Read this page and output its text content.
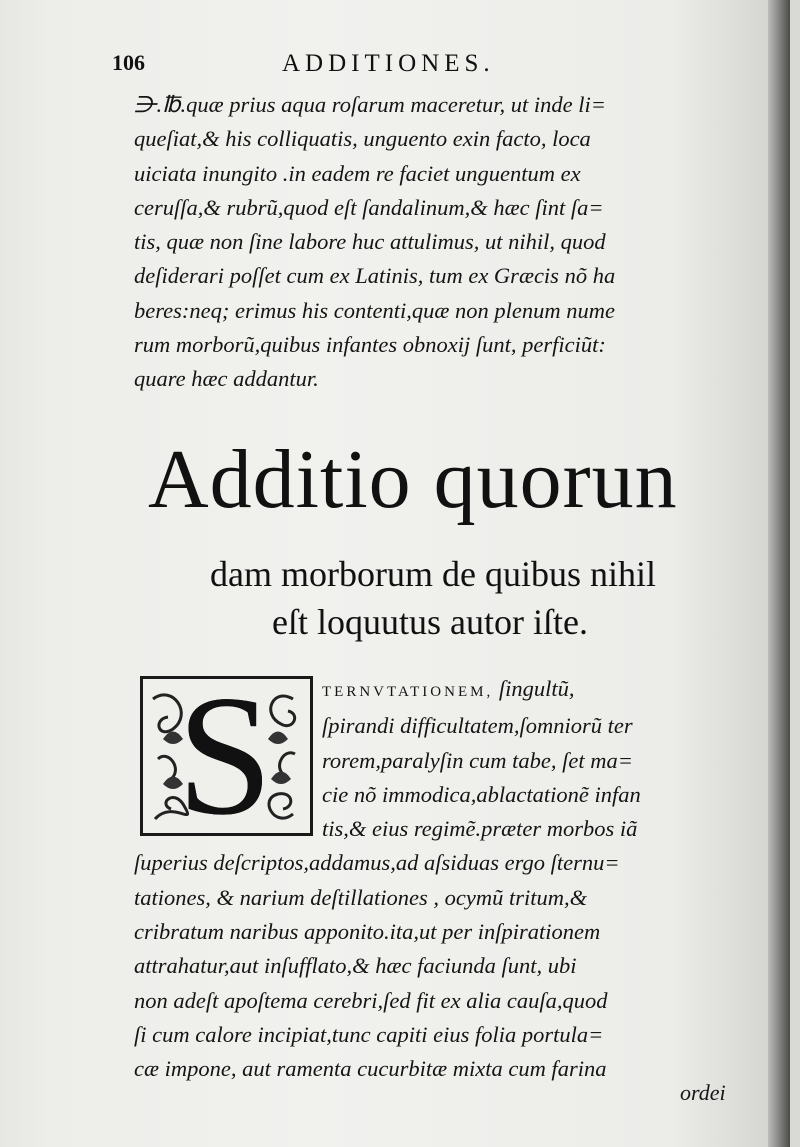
106	ADDITIONES.
⋺.℔.quæ prius aqua roſarum maceretur, ut inde li=
queſiat,& his colliquatis, unguento exin facto, loca
uiciata inungito .in eadem re faciet unguentum ex
ceruſſa,& rubrũ,quod eſt ſandalinum,& hæc ſint ſa=
tis, quæ non ſine labore huc attulimus, ut nihil, quod
deſiderari poſſet cum ex Latinis, tum ex Græcis nõ ha
beres:neq; erimus his contenti,quæ non plenum nume
rum morborũ,quibus infantes obnoxij ſunt, perficiũt:
quare hæc addantur.
Additio quorun
dam morborum de quibus nihil
eſt loquutus autor iſte.
S	TERNVTATIONEM, ſingultũ,
ſpirandi difficultatem,ſomniorũ ter
rorem,paralyſin cum tabe, ſet ma=
cie nõ immodica,ablactationẽ infan
tis,& eius regimẽ.præter morbos iã
ſuperius deſcriptos,addamus,ad aſsiduas ergo ſternu=
tationes, & narium deſtillationes , ocymũ tritum,&
cribratum naribus apponito.ita,ut per inſpirationem
attrahatur,aut inſufflato,& hæc faciunda ſunt, ubi
non adeſt apoſtema cerebri,ſed fit ex alia cauſa,quod
ſi cum calore incipiat,tunc capiti eius folia portula=
cæ impone, aut ramenta cucurbitæ mixta cum farina
ordei
